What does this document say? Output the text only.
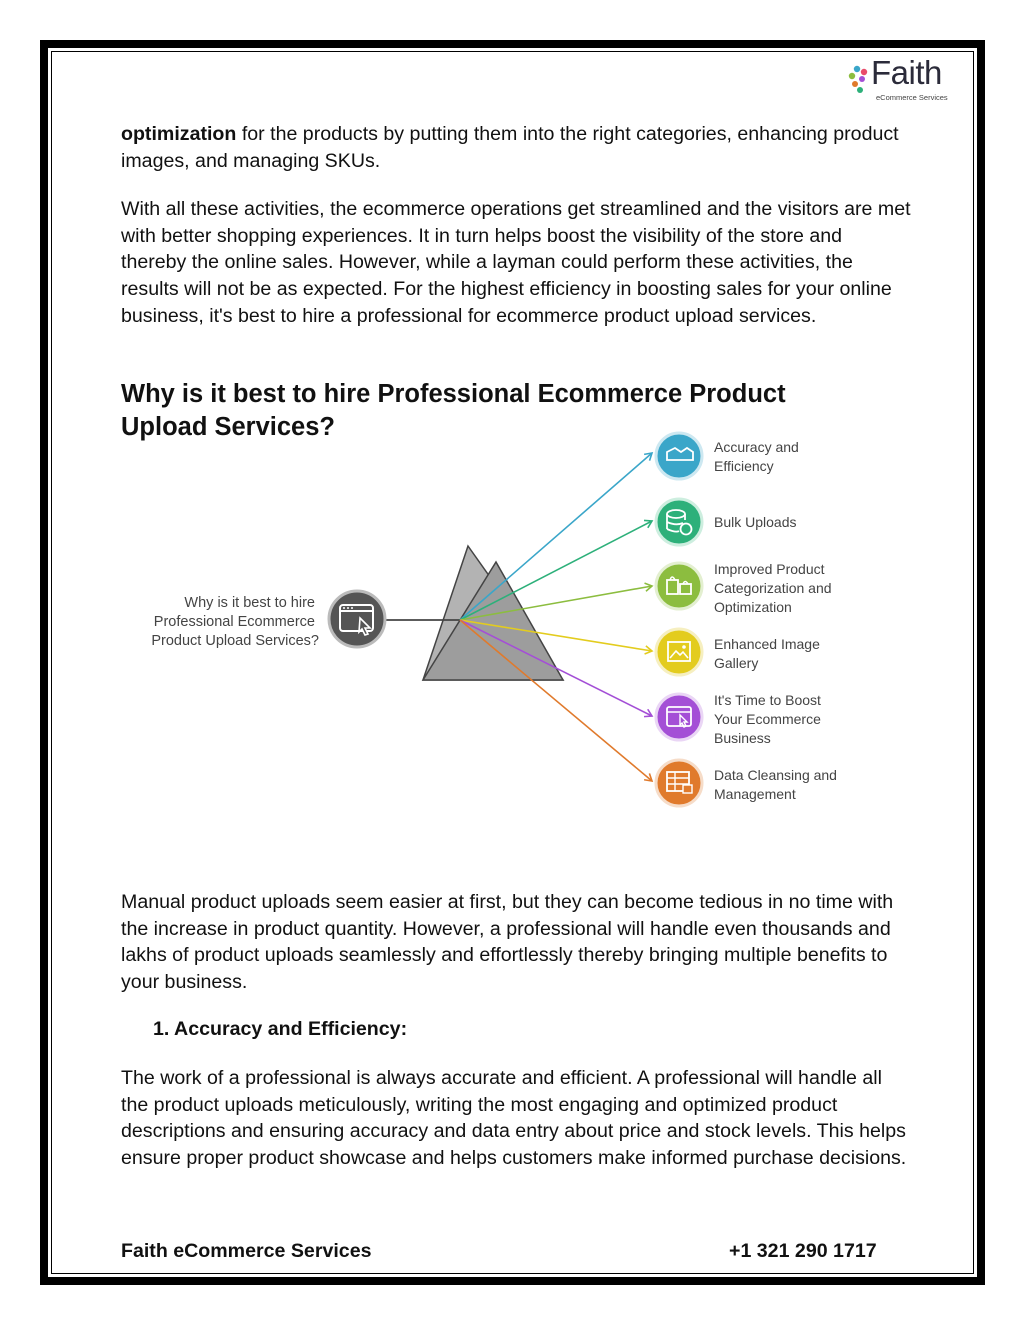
Faith
eCommerce Services

optimization for the products by putting them into the right categories, enhancing product images, and managing SKUs.

With all these activities, the ecommerce operations get streamlined and the visitors are met with better shopping experiences. It in turn helps boost the visibility of the store and thereby the online sales. However, while a layman could perform these activities, the results will not be as expected. For the highest efficiency in boosting sales for your online business, it's best to hire a professional for ecommerce product upload services.

Why is it best to hire Professional Ecommerce Product Upload Services?
Why is it best to hire Professional Ecommerce Product Upload Services?
Accuracy and Efficiency
Bulk Uploads
Improved Product Categorization and Optimization
Enhanced Image Gallery
It's Time to Boost Your Ecommerce Business
Data Cleansing and Management

Manual product uploads seem easier at first, but they can become tedious in no time with the increase in product quantity. However, a professional will handle even thousands and lakhs of product uploads seamlessly and effortlessly thereby bringing multiple benefits to your business.

1. Accuracy and Efficiency:

The work of a professional is always accurate and efficient. A professional will handle all the product uploads meticulously, writing the most engaging and optimized product descriptions and ensuring accuracy and data entry about price and stock levels. This helps ensure proper product showcase and helps customers make informed purchase decisions.

Faith eCommerce Services	+1 321 290 1717
